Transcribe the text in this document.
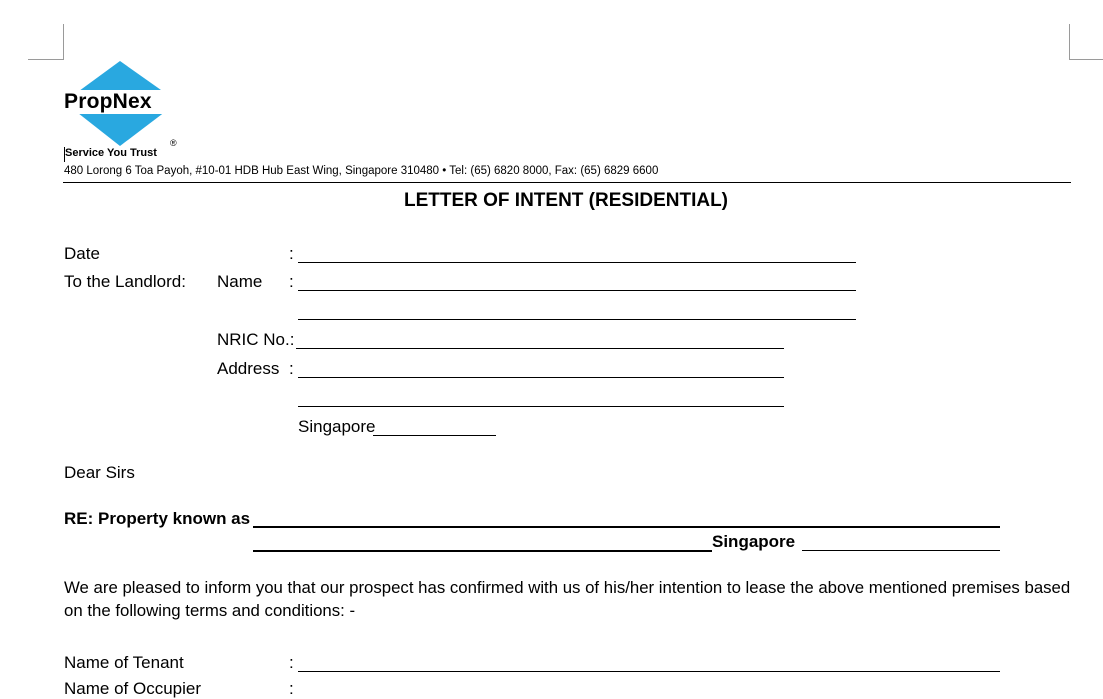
PropNex
®
Service You Trust
480 Lorong 6 Toa Payoh, #10-01 HDB Hub East Wing, Singapore 310480 • Tel: (65) 6820 8000, Fax: (65) 6829 6600
LETTER OF INTENT (RESIDENTIAL)
Date	:
To the Landlord: Name :
NRIC No.:
Address :
Singapore
Dear Sirs
RE: Property known as
Singapore
We are pleased to inform you that our prospect has confirmed with us of his/her intention to lease the above mentioned premises based
on the following terms and conditions: -
Name of Tenant	:
Name of Occupier	:
